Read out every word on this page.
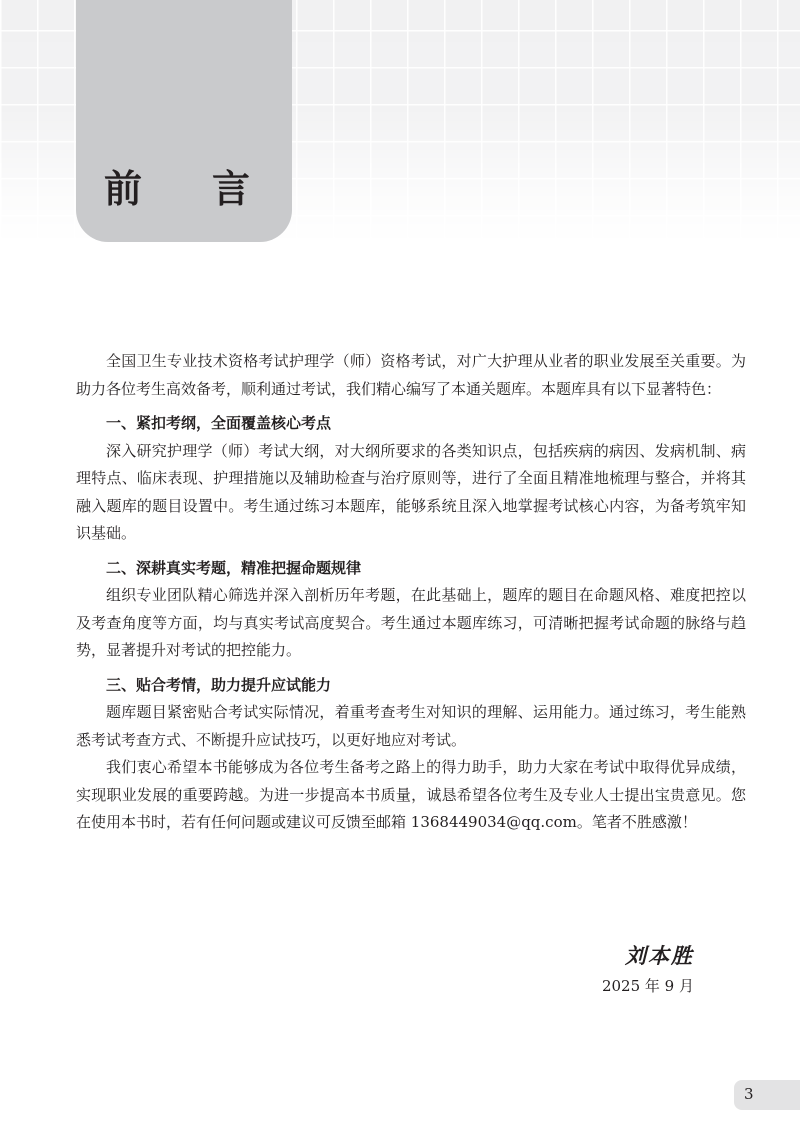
前言

全国卫生专业技术资格考试护理学（师）资格考试，对广大护理从业者的职业发展至关重要。为助力各位考生高效备考，顺利通过考试，我们精心编写了本通关题库。本题库具有以下显著特色：

一、紧扣考纲，全面覆盖核心考点

深入研究护理学（师）考试大纲，对大纲所要求的各类知识点，包括疾病的病因、发病机制、病理特点、临床表现、护理措施以及辅助检查与治疗原则等，进行了全面且精准地梳理与整合，并将其融入题库的题目设置中。考生通过练习本题库，能够系统且深入地掌握考试核心内容，为备考筑牢知识基础。

二、深耕真实考题，精准把握命题规律

组织专业团队精心筛选并深入剖析历年考题，在此基础上，题库的题目在命题风格、难度把控以及考查角度等方面，均与真实考试高度契合。考生通过本题库练习，可清晰把握考试命题的脉络与趋势，显著提升对考试的把控能力。

三、贴合考情，助力提升应试能力

题库题目紧密贴合考试实际情况，着重考查考生对知识的理解、运用能力。通过练习，考生能熟悉考试考查方式、不断提升应试技巧，以更好地应对考试。

我们衷心希望本书能够成为各位考生备考之路上的得力助手，助力大家在考试中取得优异成绩，实现职业发展的重要跨越。为进一步提高本书质量，诚恳希望各位考生及专业人士提出宝贵意见。您在使用本书时，若有任何问题或建议可反馈至邮箱 1368449034@qq.com。笔者不胜感激！

刘本胜
2025 年 9 月
3
